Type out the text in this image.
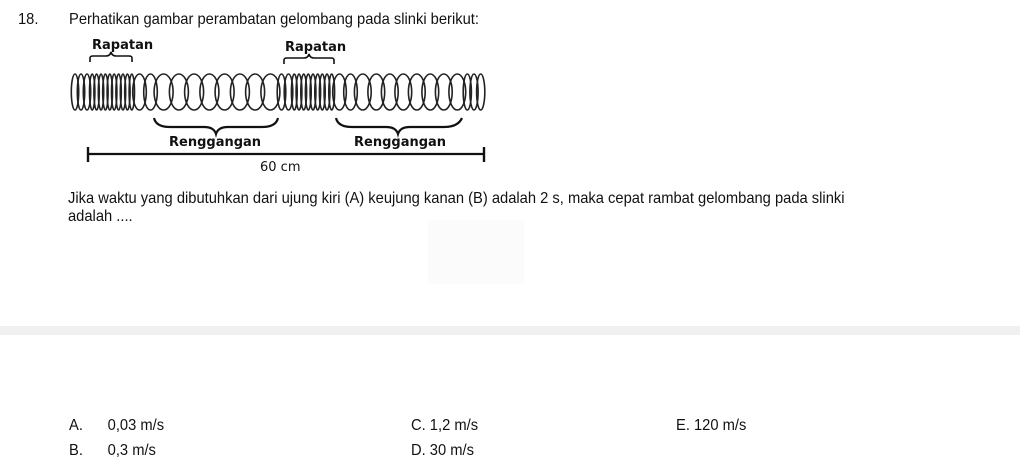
18. Perhatikan gambar perambatan gelombang pada slinki berikut:
Rapatan	Rapatan
Renggangan	Renggangan
60 cm
Jika waktu yang dibutuhkan dari ujung kiri (A) keujung kanan (B) adalah 2 s, maka cepat rambat gelombang pada slinki
adalah ....
A. 0,03 m/s
B. 0,3 m/s
C. 1,2 m/s
D. 30 m/s
E. 120 m/s
